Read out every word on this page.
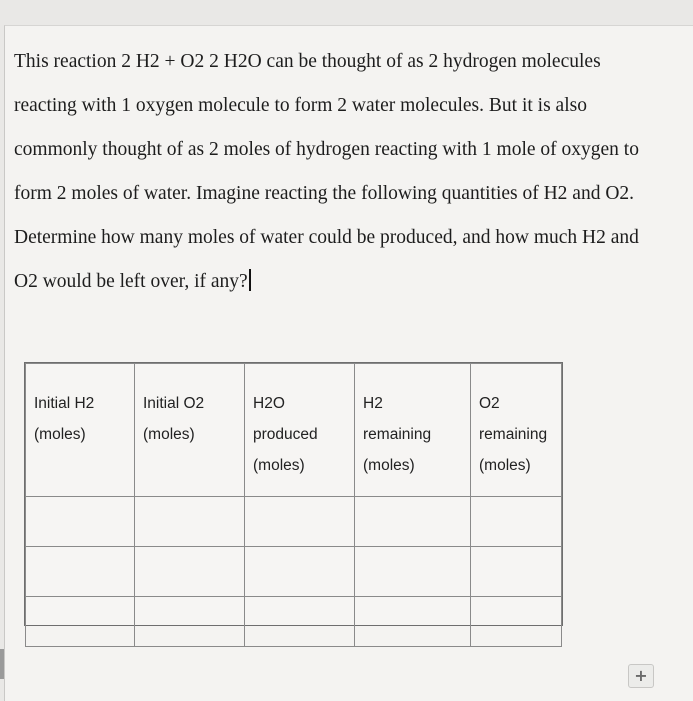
This reaction 2 H2 + O2 2 H2O can be thought of as 2 hydrogen molecules
reacting with 1 oxygen molecule to form 2 water molecules. But it is also
commonly thought of as 2 moles of hydrogen reacting with 1 mole of oxygen to
form 2 moles of water. Imagine reacting the following quantities of H2 and O2.
Determine how many moles of water could be produced, and how much H2 and
O2 would be left over, if any?
Initial H2
(moles)	Initial O2
(moles)	H2O
produced
(moles)	H2
remaining
(moles)	O2
remaining
(moles)

+
